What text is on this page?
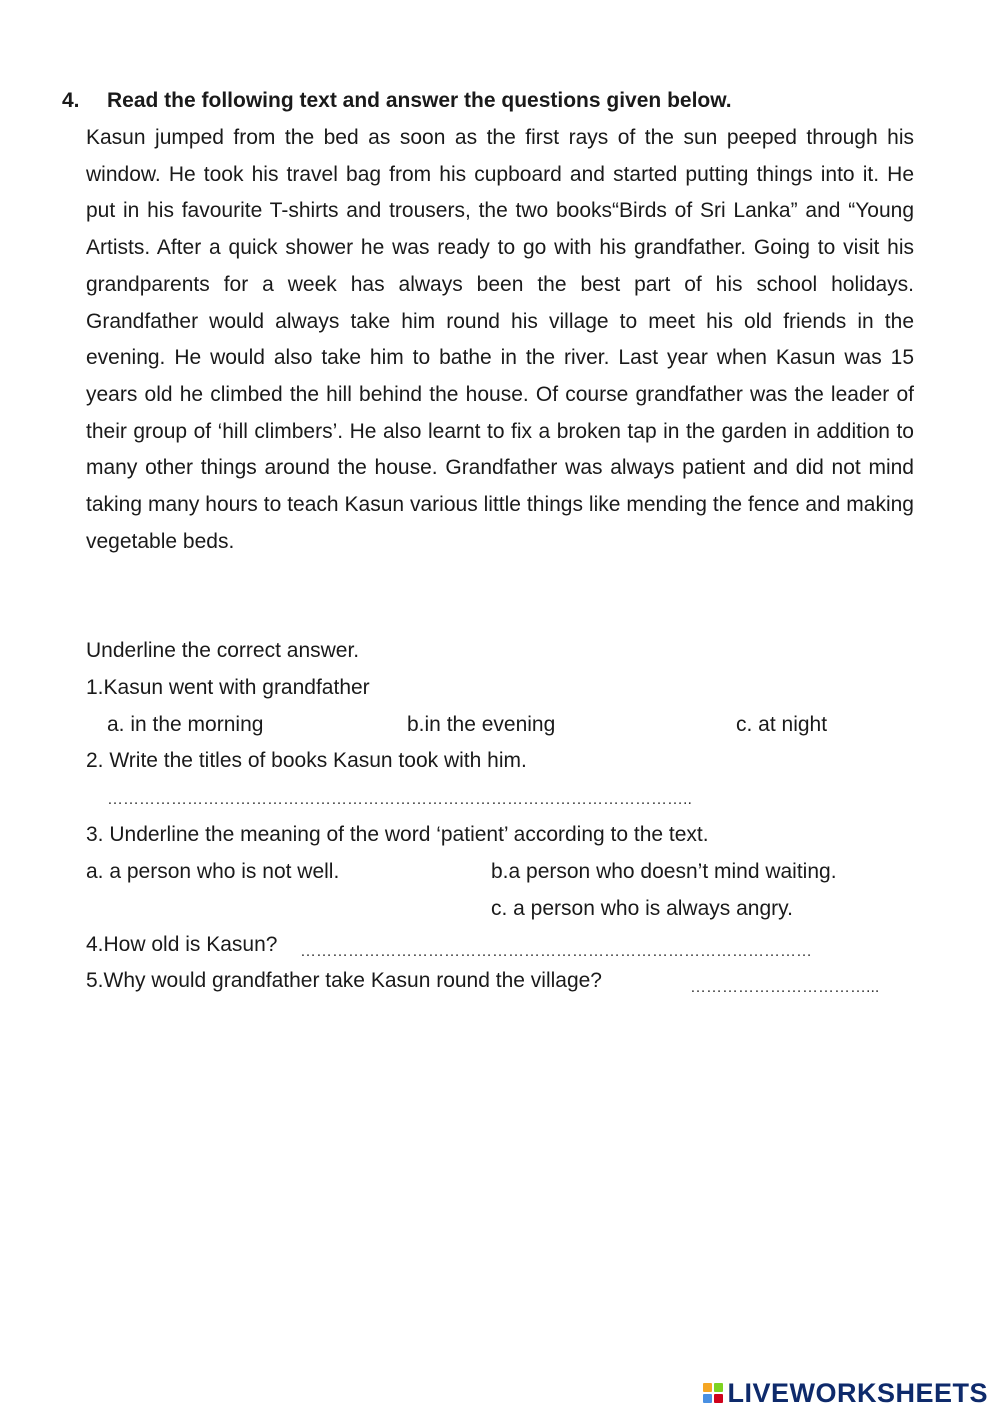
4. Read the following text and answer the questions given below.

Kasun jumped from the bed as soon as the first rays of the sun peeped through his window. He took his travel bag from his cupboard and started putting things into it. He put in his favourite T-shirts and trousers, the two books“Birds of Sri Lanka” and “Young Artists. After a quick shower he was ready to go with his grandfather. Going to visit his grandparents for a week has always been the best part of his school holidays. Grandfather would always take him round his village to meet his old friends in the evening. He would also take him to bathe in the river. Last year when Kasun was 15 years old he climbed the hill behind the house. Of course grandfather was the leader of their group of ‘hill climbers’. He also learnt to fix a broken tap in the garden in addition to many other things around the house. Grandfather was always patient and did not mind taking many hours to teach Kasun various little things like mending the fence and making vegetable beds.

Underline the correct answer.
1.Kasun went with grandfather
a. in the morning	b.in the evening	c. at night
2. Write the titles of books Kasun took with him.
………………………………………………………………………………………………..
3. Underline the meaning of the word ‘patient’ according to the text.
a. a person who is not well.	b.a person who doesn’t mind waiting.
c. a person who is always angry.
4.How old is Kasun? ……………………………………………………………………………………
5.Why would grandfather take Kasun round the village?	……………………………...
LIVEWORKSHEETS
